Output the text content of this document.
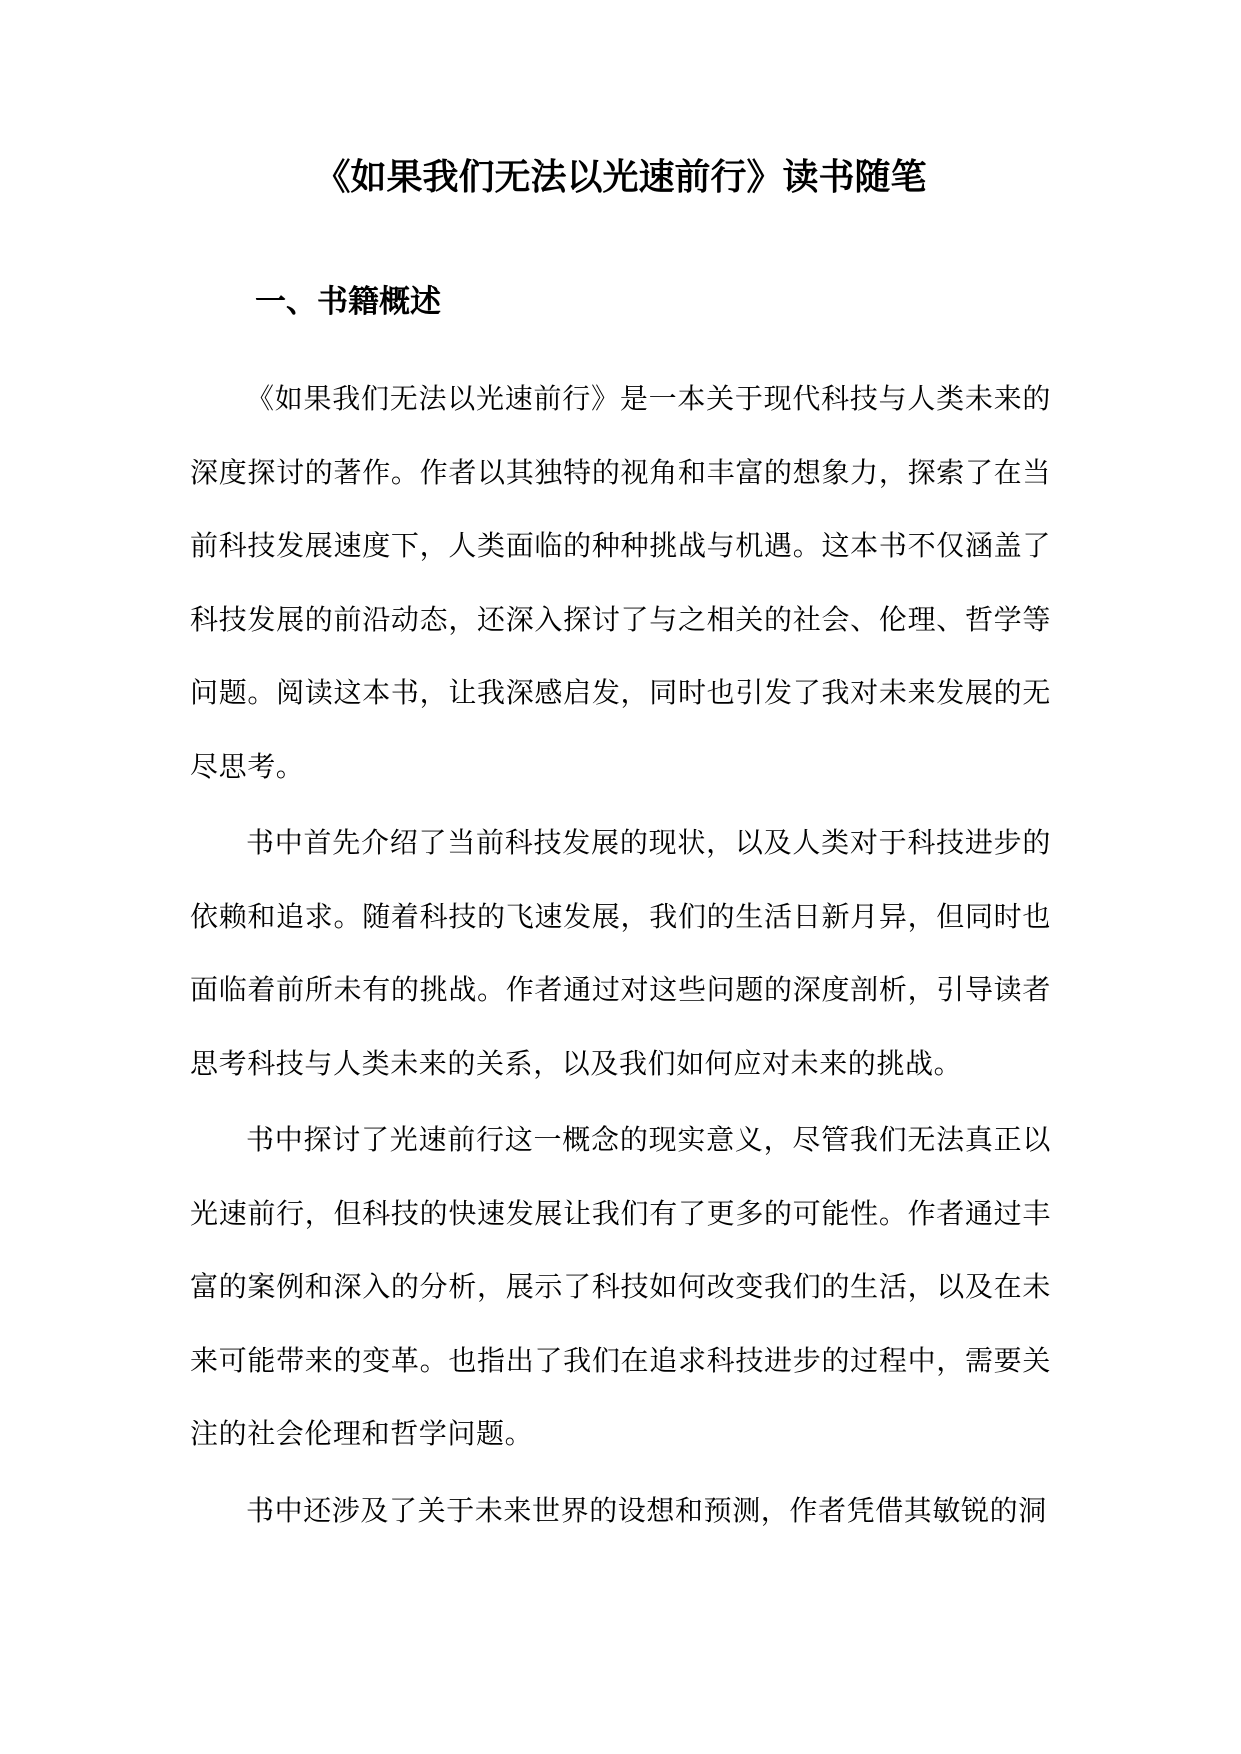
《如果我们无法以光速前行》读书随笔
一、书籍概述

《如果我们无法以光速前行》是一本关于现代科技与人类未来的深度探讨的著作。作者以其独特的视角和丰富的想象力，探索了在当前科技发展速度下，人类面临的种种挑战与机遇。这本书不仅涵盖了科技发展的前沿动态，还深入探讨了与之相关的社会、伦理、哲学等问题。阅读这本书，让我深感启发，同时也引发了我对未来发展的无尽思考。

书中首先介绍了当前科技发展的现状，以及人类对于科技进步的依赖和追求。随着科技的飞速发展，我们的生活日新月异，但同时也面临着前所未有的挑战。作者通过对这些问题的深度剖析，引导读者思考科技与人类未来的关系，以及我们如何应对未来的挑战。

书中探讨了光速前行这一概念的现实意义，尽管我们无法真正以光速前行，但科技的快速发展让我们有了更多的可能性。作者通过丰富的案例和深入的分析，展示了科技如何改变我们的生活，以及在未来可能带来的变革。也指出了我们在追求科技进步的过程中，需要关注的社会伦理和哲学问题。

书中还涉及了关于未来世界的设想和预测，作者凭借其敏锐的洞
